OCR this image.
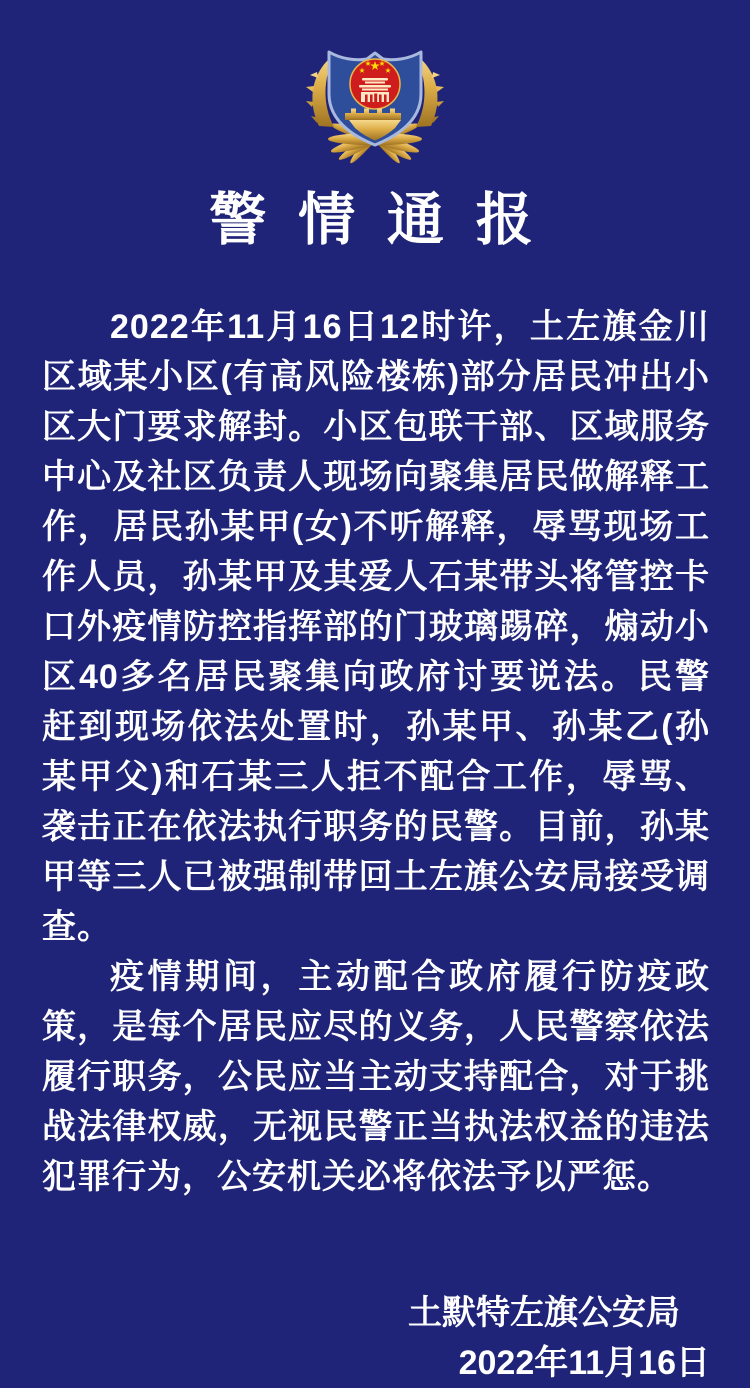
警 情 通 报

2022年11月16日12时许，土左旗金川区域某小区(有高风险楼栋)部分居民冲出小区大门要求解封。小区包联干部、区域服务中心及社区负责人现场向聚集居民做解释工作，居民孙某甲(女)不听解释，辱骂现场工作人员，孙某甲及其爱人石某带头将管控卡口外疫情防控指挥部的门玻璃踢碎，煽动小区40多名居民聚集向政府讨要说法。民警赶到现场依法处置时，孙某甲、孙某乙(孙某甲父)和石某三人拒不配合工作，辱骂、袭击正在依法执行职务的民警。目前，孙某甲等三人已被强制带回土左旗公安局接受调查。

疫情期间，主动配合政府履行防疫政策，是每个居民应尽的义务，人民警察依法履行职务，公民应当主动支持配合，对于挑战法律权威，无视民警正当执法权益的违法犯罪行为，公安机关必将依法予以严惩。

土默特左旗公安局
2022年11月16日
